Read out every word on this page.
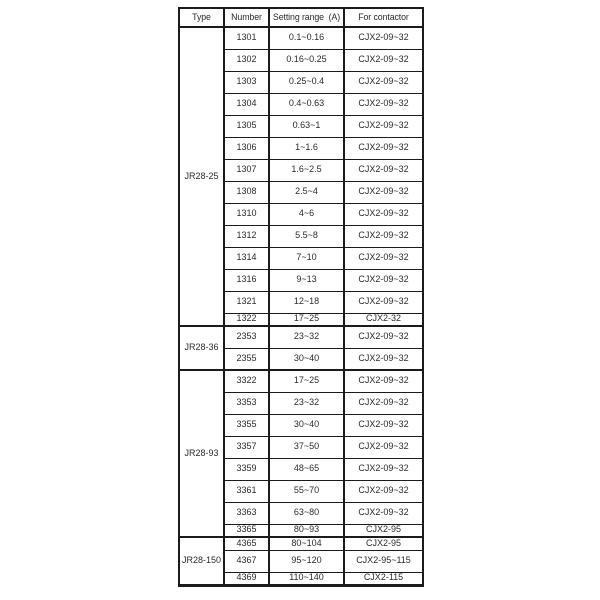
Type	Number	Setting range  (A)	For contactor
JR28-25	1301	0.1~0.16	CJX2-09~32
	1302	0.16~0.25	CJX2-09~32
	1303	0.25~0.4	CJX2-09~32
	1304	0.4~0.63	CJX2-09~32
	1305	0.63~1	CJX2-09~32
	1306	1~1.6	CJX2-09~32
	1307	1.6~2.5	CJX2-09~32
	1308	2.5~4	CJX2-09~32
	1310	4~6	CJX2-09~32
	1312	5.5~8	CJX2-09~32
	1314	7~10	CJX2-09~32
	1316	9~13	CJX2-09~32
	1321	12~18	CJX2-09~32
	1322	17~25	CJX2-32
JR28-36	2353	23~32	CJX2-09~32
	2355	30~40	CJX2-09~32
JR28-93	3322	17~25	CJX2-09~32
	3353	23~32	CJX2-09~32
	3355	30~40	CJX2-09~32
	3357	37~50	CJX2-09~32
	3359	48~65	CJX2-09~32
	3361	55~70	CJX2-09~32
	3363	63~80	CJX2-09~32
	3365	80~93	CJX2-95
JR28-150	4365	80~104	CJX2-95
	4367	95~120	CJX2-95~115
	4369	110~140	CJX2-115
